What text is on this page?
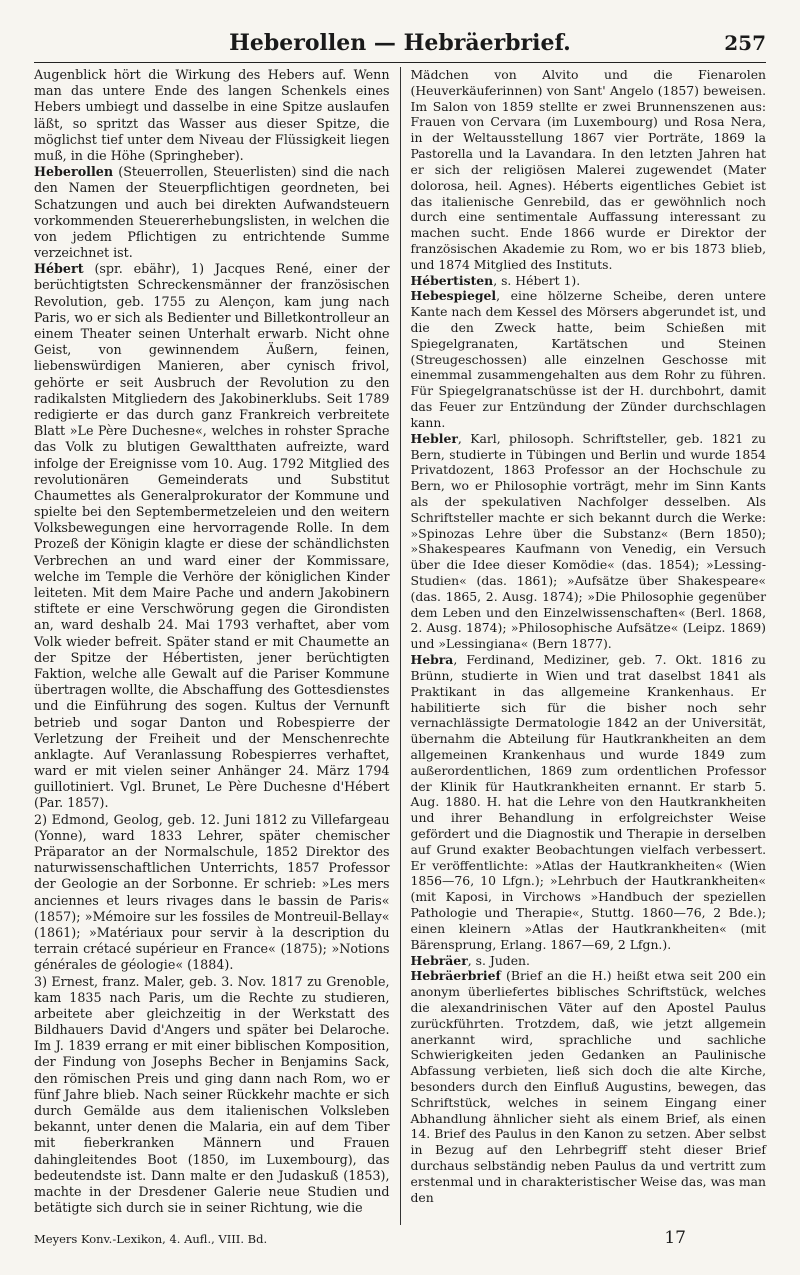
Heberollen — Hebräerbrief.	257

Augenblick hört die Wirkung des Hebers auf. Wenn man das untere Ende des langen Schenkels eines Hebers umbiegt und dasselbe in eine Spitze auslaufen läßt, so spritzt das Wasser aus dieser Spitze, die möglichst tief unter dem Niveau der Flüssigkeit liegen muß, in die Höhe (Springheber).

Heberollen (Steuerrollen, Steuerlisten) sind die nach den Namen der Steuerpflichtigen geordneten, bei Schatzungen und auch bei direkten Aufwandsteuern vorkommenden Steuererhebungslisten, in welchen die von jedem Pflichtigen zu entrichtende Summe verzeichnet ist.

Hébert (spr. ebähr), 1) Jacques René, einer der berüchtigtsten Schreckensmänner der französischen Revolution, geb. 1755 zu Alençon, kam jung nach Paris, wo er sich als Bedienter und Billetkontrolleur an einem Theater seinen Unterhalt erwarb. Nicht ohne Geist, von gewinnendem Äußern, feinen, liebenswürdigen Manieren, aber cynisch frivol, gehörte er seit Ausbruch der Revolution zu den radikalsten Mitgliedern des Jakobinerklubs. Seit 1789 redigierte er das durch ganz Frankreich verbreitete Blatt »Le Père Duchesne«, welches in rohster Sprache das Volk zu blutigen Gewaltthaten aufreizte, ward infolge der Ereignisse vom 10. Aug. 1792 Mitglied des revolutionären Gemeinderats und Substitut Chaumettes als Generalprokurator der Kommune und spielte bei den Septembermetzeleien und den weitern Volksbewegungen eine hervorragende Rolle. In dem Prozeß der Königin klagte er diese der schändlichsten Verbrechen an und ward einer der Kommissare, welche im Temple die Verhöre der königlichen Kinder leiteten. Mit dem Maire Pache und andern Jakobinern stiftete er eine Verschwörung gegen die Girondisten an, ward deshalb 24. Mai 1793 verhaftet, aber vom Volk wieder befreit. Später stand er mit Chaumette an der Spitze der Hébertisten, jener berüchtigten Faktion, welche alle Gewalt auf die Pariser Kommune übertragen wollte, die Abschaffung des Gottesdienstes und die Einführung des sogen. Kultus der Vernunft betrieb und sogar Danton und Robespierre der Verletzung der Freiheit und der Menschenrechte anklagte. Auf Veranlassung Robespierres verhaftet, ward er mit vielen seiner Anhänger 24. März 1794 guillotiniert. Vgl. Brunet, Le Père Duchesne d'Hébert (Par. 1857).

2) Edmond, Geolog, geb. 12. Juni 1812 zu Villefargeau (Yonne), ward 1833 Lehrer, später chemischer Präparator an der Normalschule, 1852 Direktor des naturwissenschaftlichen Unterrichts, 1857 Professor der Geologie an der Sorbonne. Er schrieb: »Les mers anciennes et leurs rivages dans le bassin de Paris« (1857); »Mémoire sur les fossiles de Montreuil-Bellay« (1861); »Matériaux pour servir à la description du terrain crétacé supérieur en France« (1875); »Notions générales de géologie« (1884).

3) Ernest, franz. Maler, geb. 3. Nov. 1817 zu Grenoble, kam 1835 nach Paris, um die Rechte zu studieren, arbeitete aber gleichzeitig in der Werkstatt des Bildhauers David d'Angers und später bei Delaroche. Im J. 1839 errang er mit einer biblischen Komposition, der Findung von Josephs Becher in Benjamins Sack, den römischen Preis und ging dann nach Rom, wo er fünf Jahre blieb. Nach seiner Rückkehr machte er sich durch Gemälde aus dem italienischen Volksleben bekannt, unter denen die Malaria, ein auf dem Tiber mit fieberkranken Männern und Frauen dahingleitendes Boot (1850, im Luxembourg), das bedeutendste ist. Dann malte er den Judaskuß (1853), machte in der Dresdener Galerie neue Studien und betätigte sich durch sie in seiner Richtung, wie die

Mädchen von Alvito und die Fienarolen (Heuverkäuferinnen) von Sant' Angelo (1857) beweisen. Im Salon von 1859 stellte er zwei Brunnenszenen aus: Frauen von Cervara (im Luxembourg) und Rosa Nera, in der Weltausstellung 1867 vier Porträte, 1869 la Pastorella und la Lavandara. In den letzten Jahren hat er sich der religiösen Malerei zugewendet (Mater dolorosa, heil. Agnes). Héberts eigentliches Gebiet ist das italienische Genrebild, das er gewöhnlich noch durch eine sentimentale Auffassung interessant zu machen sucht. Ende 1866 wurde er Direktor der französischen Akademie zu Rom, wo er bis 1873 blieb, und 1874 Mitglied des Instituts.

Hébertisten, s. Hébert 1).

Hebespiegel, eine hölzerne Scheibe, deren untere Kante nach dem Kessel des Mörsers abgerundet ist, und die den Zweck hatte, beim Schießen mit Spiegelgranaten, Kartätschen und Steinen (Streugeschossen) alle einzelnen Geschosse mit einemmal zusammengehalten aus dem Rohr zu führen. Für Spiegelgranatschüsse ist der H. durchbohrt, damit das Feuer zur Entzündung der Zünder durchschlagen kann.

Hebler, Karl, philosoph. Schriftsteller, geb. 1821 zu Bern, studierte in Tübingen und Berlin und wurde 1854 Privatdozent, 1863 Professor an der Hochschule zu Bern, wo er Philosophie vorträgt, mehr im Sinn Kants als der spekulativen Nachfolger desselben. Als Schriftsteller machte er sich bekannt durch die Werke: »Spinozas Lehre über die Substanz« (Bern 1850); »Shakespeares Kaufmann von Venedig, ein Versuch über die Idee dieser Komödie« (das. 1854); »Lessing-Studien« (das. 1861); »Aufsätze über Shakespeare« (das. 1865, 2. Ausg. 1874); »Die Philosophie gegenüber dem Leben und den Einzelwissenschaften« (Berl. 1868, 2. Ausg. 1874); »Philosophische Aufsätze« (Leipz. 1869) und »Lessingiana« (Bern 1877).

Hebra, Ferdinand, Mediziner, geb. 7. Okt. 1816 zu Brünn, studierte in Wien und trat daselbst 1841 als Praktikant in das allgemeine Krankenhaus. Er habilitierte sich für die bisher noch sehr vernachlässigte Dermatologie 1842 an der Universität, übernahm die Abteilung für Hautkrankheiten an dem allgemeinen Krankenhaus und wurde 1849 zum außerordentlichen, 1869 zum ordentlichen Professor der Klinik für Hautkrankheiten ernannt. Er starb 5. Aug. 1880. H. hat die Lehre von den Hautkrankheiten und ihrer Behandlung in erfolgreichster Weise gefördert und die Diagnostik und Therapie in derselben auf Grund exakter Beobachtungen vielfach verbessert. Er veröffentlichte: »Atlas der Hautkrankheiten« (Wien 1856—76, 10 Lfgn.); »Lehrbuch der Hautkrankheiten« (mit Kaposi, in Virchows »Handbuch der speziellen Pathologie und Therapie«, Stuttg. 1860—76, 2 Bde.); einen kleinern »Atlas der Hautkrankheiten« (mit Bärensprung, Erlang. 1867—69, 2 Lfgn.).

Hebräer, s. Juden.

Hebräerbrief (Brief an die H.) heißt etwa seit 200 ein anonym überliefertes biblisches Schriftstück, welches die alexandrinischen Väter auf den Apostel Paulus zurückführten. Trotzdem, daß, wie jetzt allgemein anerkannt wird, sprachliche und sachliche Schwierigkeiten jeden Gedanken an Paulinische Abfassung verbieten, ließ sich doch die alte Kirche, besonders durch den Einfluß Augustins, bewegen, das Schriftstück, welches in seinem Eingang einer Abhandlung ähnlicher sieht als einem Brief, als einen 14. Brief des Paulus in den Kanon zu setzen. Aber selbst in Bezug auf den Lehrbegriff steht dieser Brief durchaus selbständig neben Paulus da und vertritt zum erstenmal und in charakteristischer Weise das, was man den

Meyers Konv.-Lexikon, 4. Aufl., VIII. Bd.	17
